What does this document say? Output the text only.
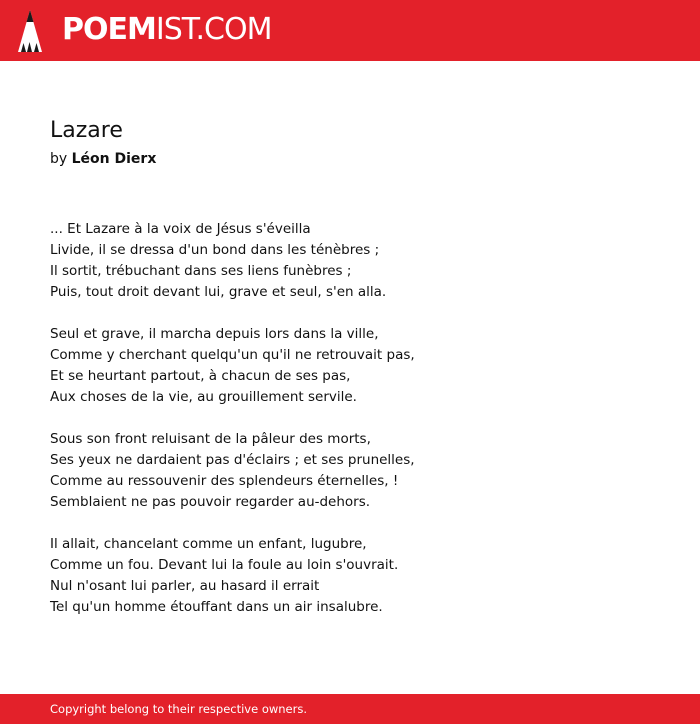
POEMIST.COM
Lazare
by Léon Dierx
... Et Lazare à la voix de Jésus s'éveilla
Livide, il se dressa d'un bond dans les ténèbres ;
Il sortit, trébuchant dans ses liens funèbres ;
Puis, tout droit devant lui, grave et seul, s'en alla.
Seul et grave, il marcha depuis lors dans la ville,
Comme y cherchant quelqu'un qu'il ne retrouvait pas,
Et se heurtant partout, à chacun de ses pas,
Aux choses de la vie, au grouillement servile.
Sous son front reluisant de la pâleur des morts,
Ses yeux ne dardaient pas d'éclairs ; et ses prunelles,
Comme au ressouvenir des splendeurs éternelles, !
Semblaient ne pas pouvoir regarder au-dehors.
Il allait, chancelant comme un enfant, lugubre,
Comme un fou. Devant lui la foule au loin s'ouvrait.
Nul n'osant lui parler, au hasard il errait
Tel qu'un homme étouffant dans un air insalubre.
Copyright belong to their respective owners.
